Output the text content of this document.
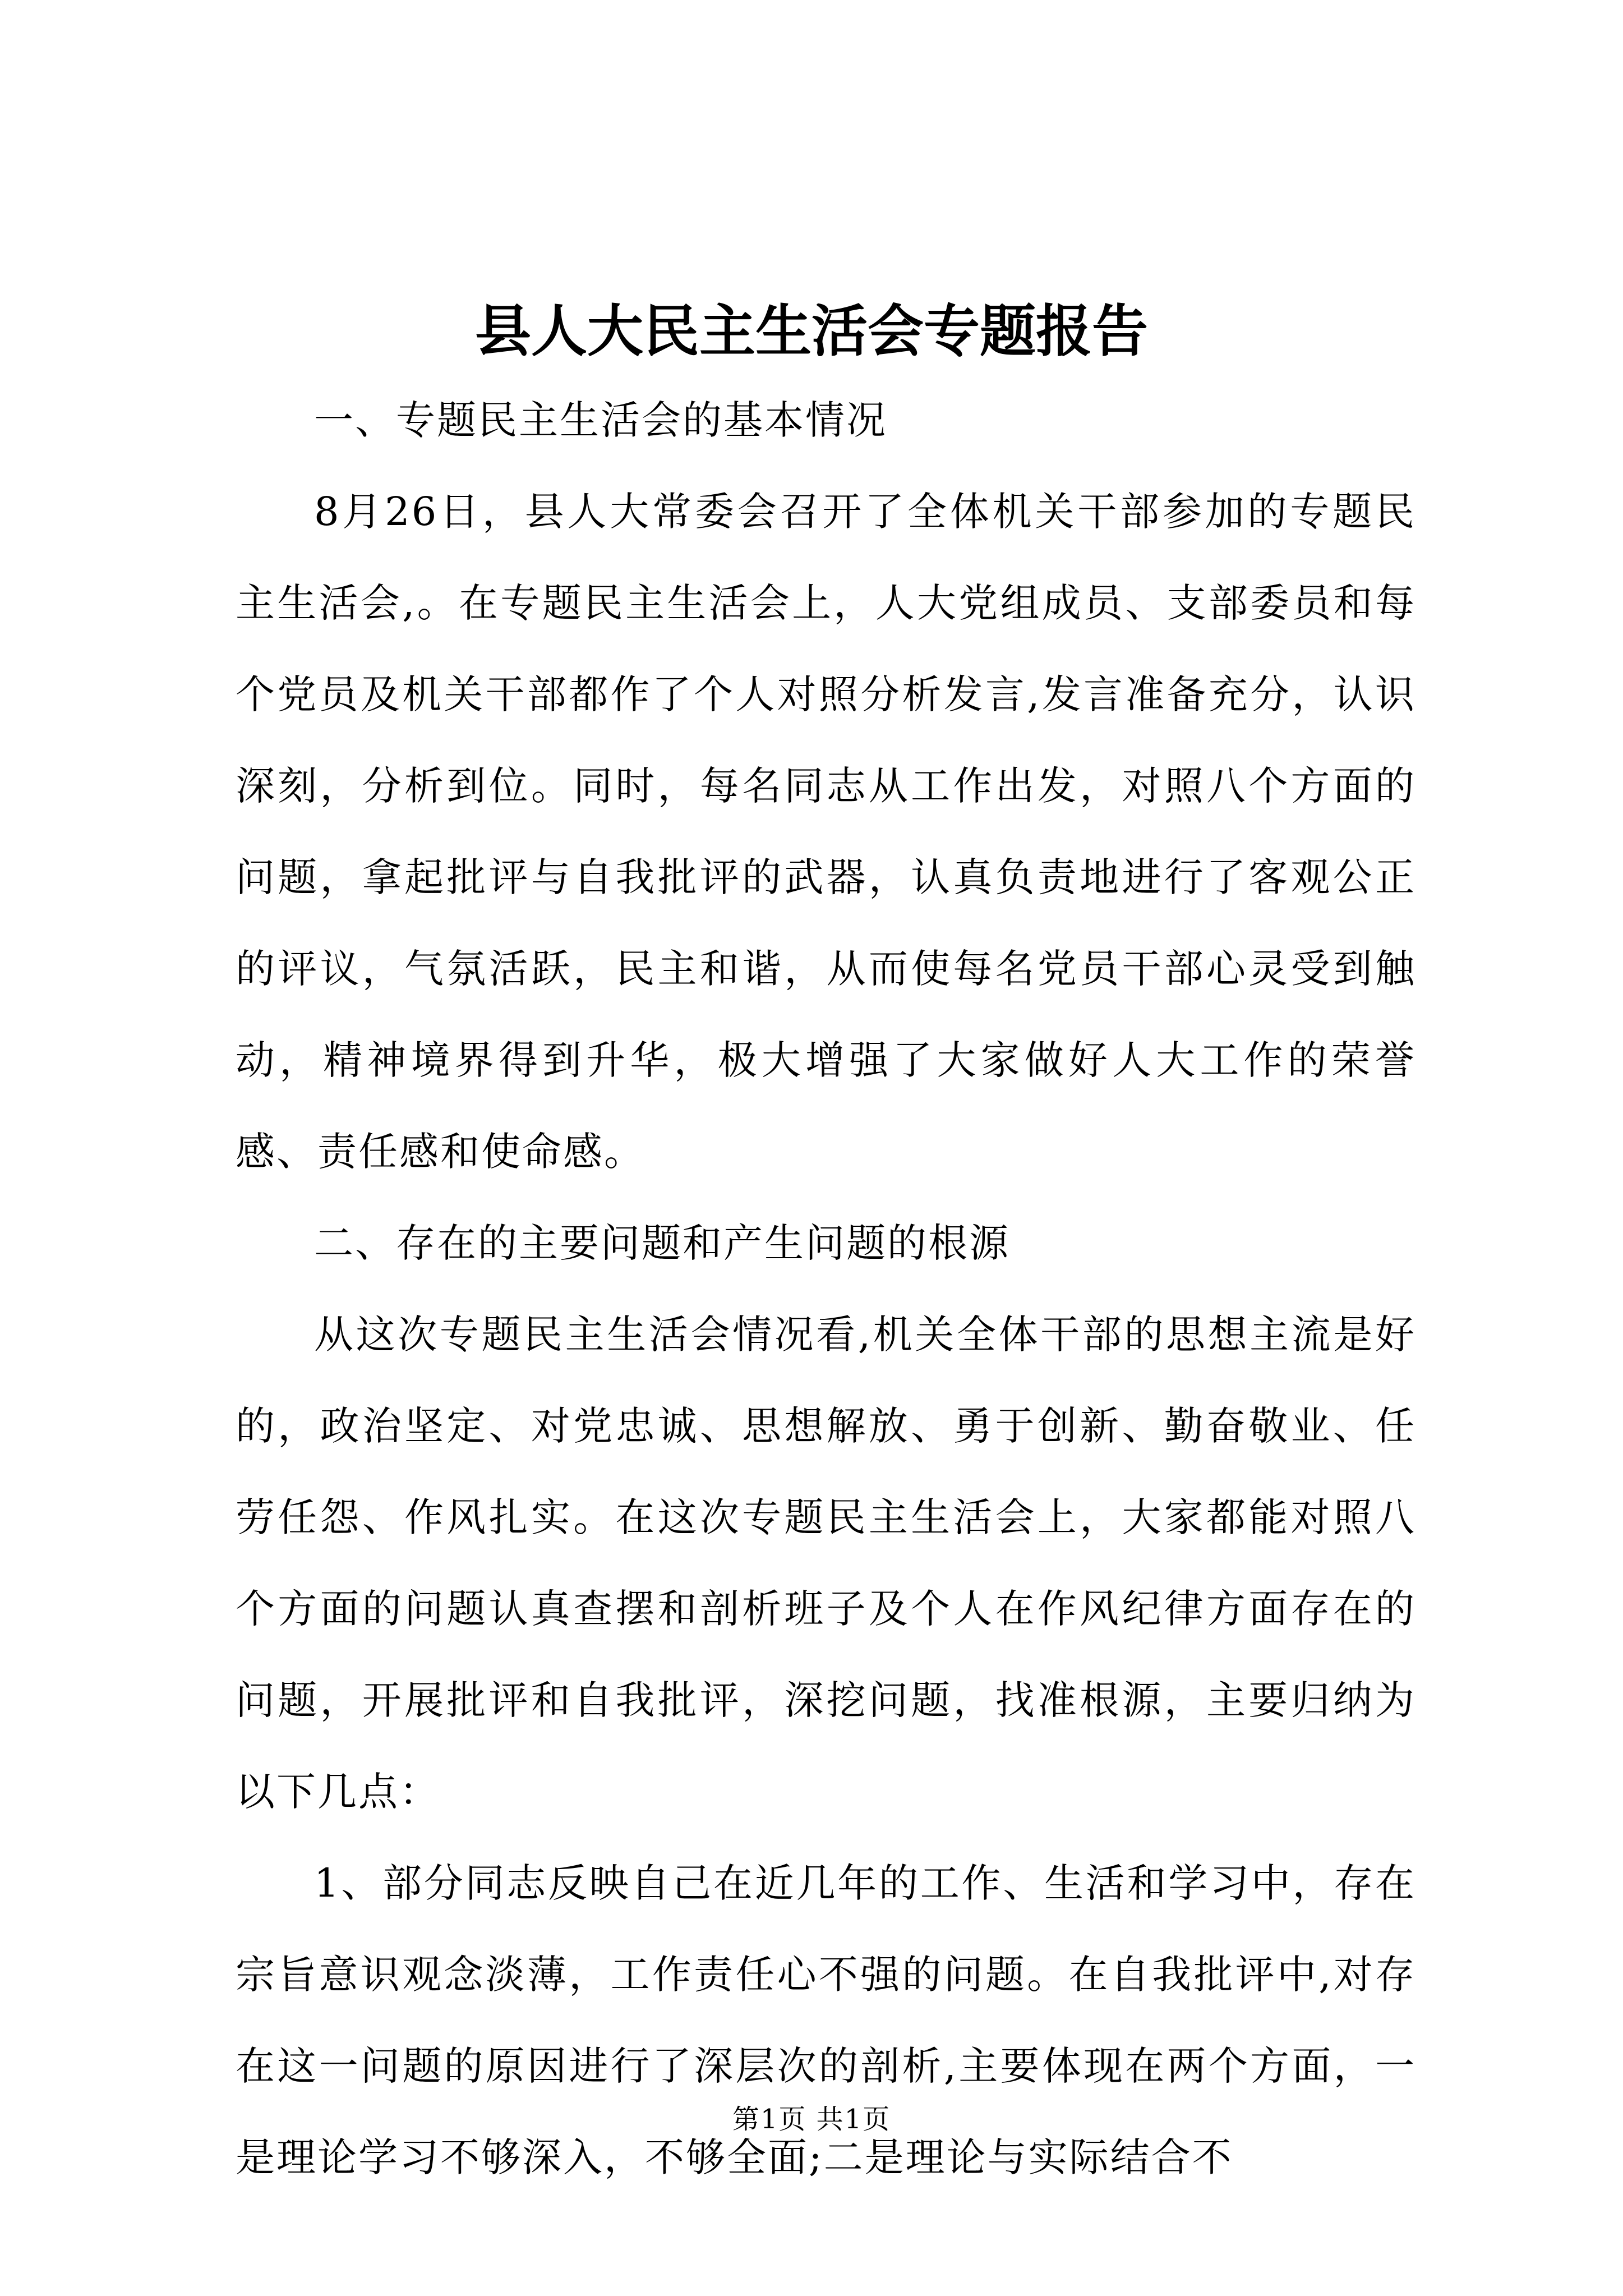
县人大民主生活会专题报告

一、专题民主生活会的基本情况

8月26日，县人大常委会召开了全体机关干部参加的专题民主生活会,。在专题民主生活会上，人大党组成员、支部委员和每个党员及机关干部都作了个人对照分析发言,发言准备充分，认识深刻，分析到位。同时，每名同志从工作出发，对照八个方面的问题，拿起批评与自我批评的武器，认真负责地进行了客观公正的评议，气氛活跃，民主和谐，从而使每名党员干部心灵受到触动，精神境界得到升华，极大增强了大家做好人大工作的荣誉感、责任感和使命感。

二、存在的主要问题和产生问题的根源

从这次专题民主生活会情况看,机关全体干部的思想主流是好的，政治坚定、对党忠诚、思想解放、勇于创新、勤奋敬业、任劳任怨、作风扎实。在这次专题民主生活会上，大家都能对照八个方面的问题认真查摆和剖析班子及个人在作风纪律方面存在的问题，开展批评和自我批评，深挖问题，找准根源，主要归纳为以下几点：

1、部分同志反映自己在近几年的工作、生活和学习中，存在宗旨意识观念淡薄，工作责任心不强的问题。在自我批评中,对存在这一问题的原因进行了深层次的剖析,主要体现在两个方面，一是理论学习不够深入，不够全面;二是理论与实际结合不

第1页 共1页
